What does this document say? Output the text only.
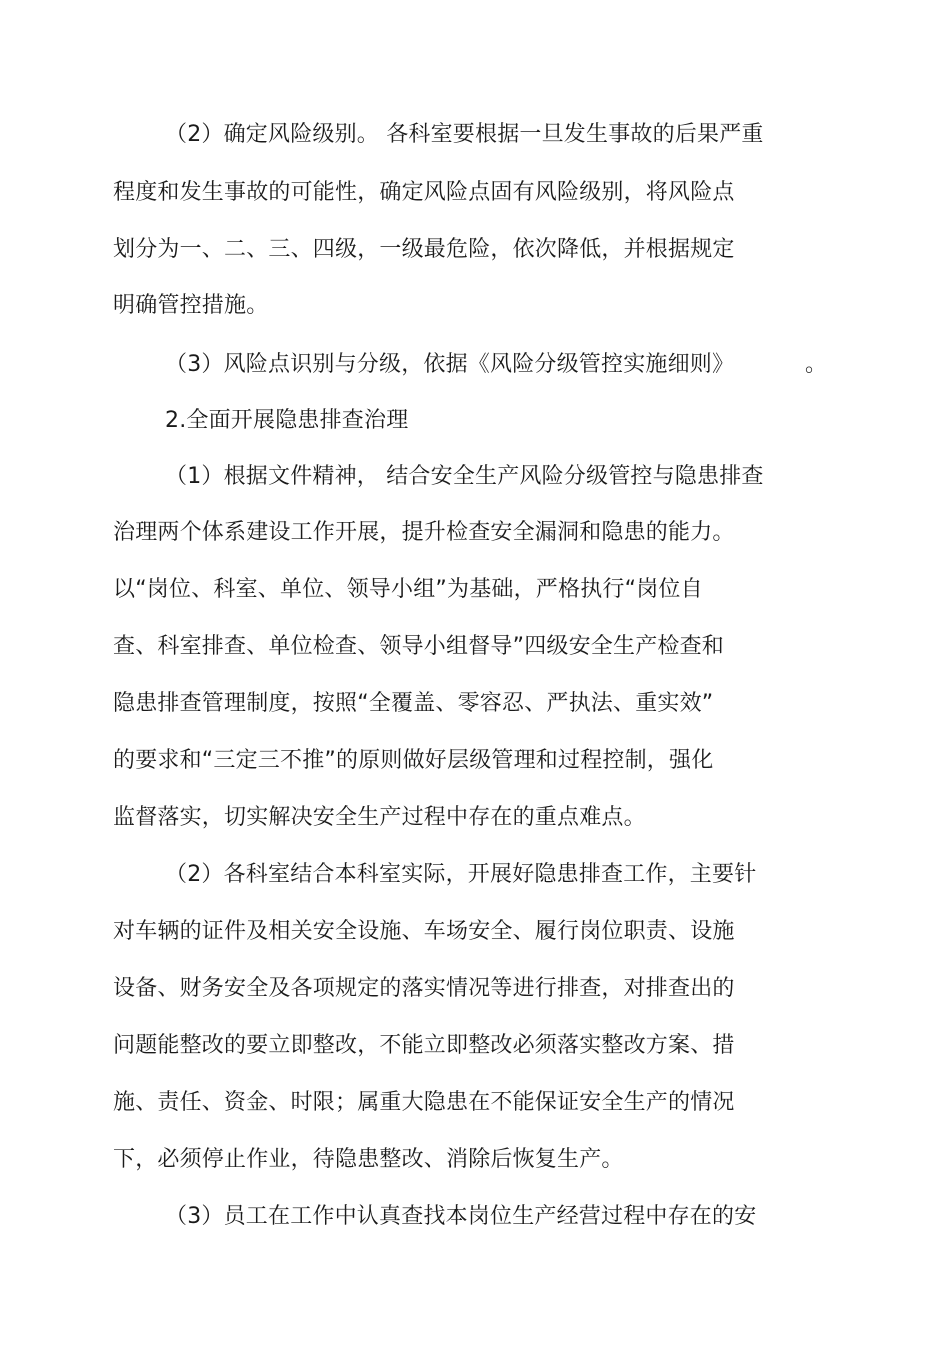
（2）确定风险级别。 各科室要根据一旦发生事故的后果严重
程度和发生事故的可能性，确定风险点固有风险级别，将风险点
划分为一、二、三、四级，一级最危险，依次降低，并根据规定
明确管控措施。
（3）风险点识别与分级，依据《风险分级管控实施细则》	。
2.全面开展隐患排查治理
（1）根据文件精神， 结合安全生产风险分级管控与隐患排查
治理两个体系建设工作开展，提升检查安全漏洞和隐患的能力。
以“岗位、科室、单位、领导小组”为基础，严格执行“岗位自
查、科室排查、单位检查、领导小组督导”四级安全生产检查和
隐患排查管理制度，按照“全覆盖、零容忍、严执法、重实效”
的要求和“三定三不推”的原则做好层级管理和过程控制，强化
监督落实，切实解决安全生产过程中存在的重点难点。
（2）各科室结合本科室实际，开展好隐患排查工作，主要针
对车辆的证件及相关安全设施、车场安全、履行岗位职责、设施
设备、财务安全及各项规定的落实情况等进行排查，对排查出的
问题能整改的要立即整改，不能立即整改必须落实整改方案、措
施、责任、资金、时限；属重大隐患在不能保证安全生产的情况
下，必须停止作业，待隐患整改、消除后恢复生产。
（3）员工在工作中认真查找本岗位生产经营过程中存在的安
